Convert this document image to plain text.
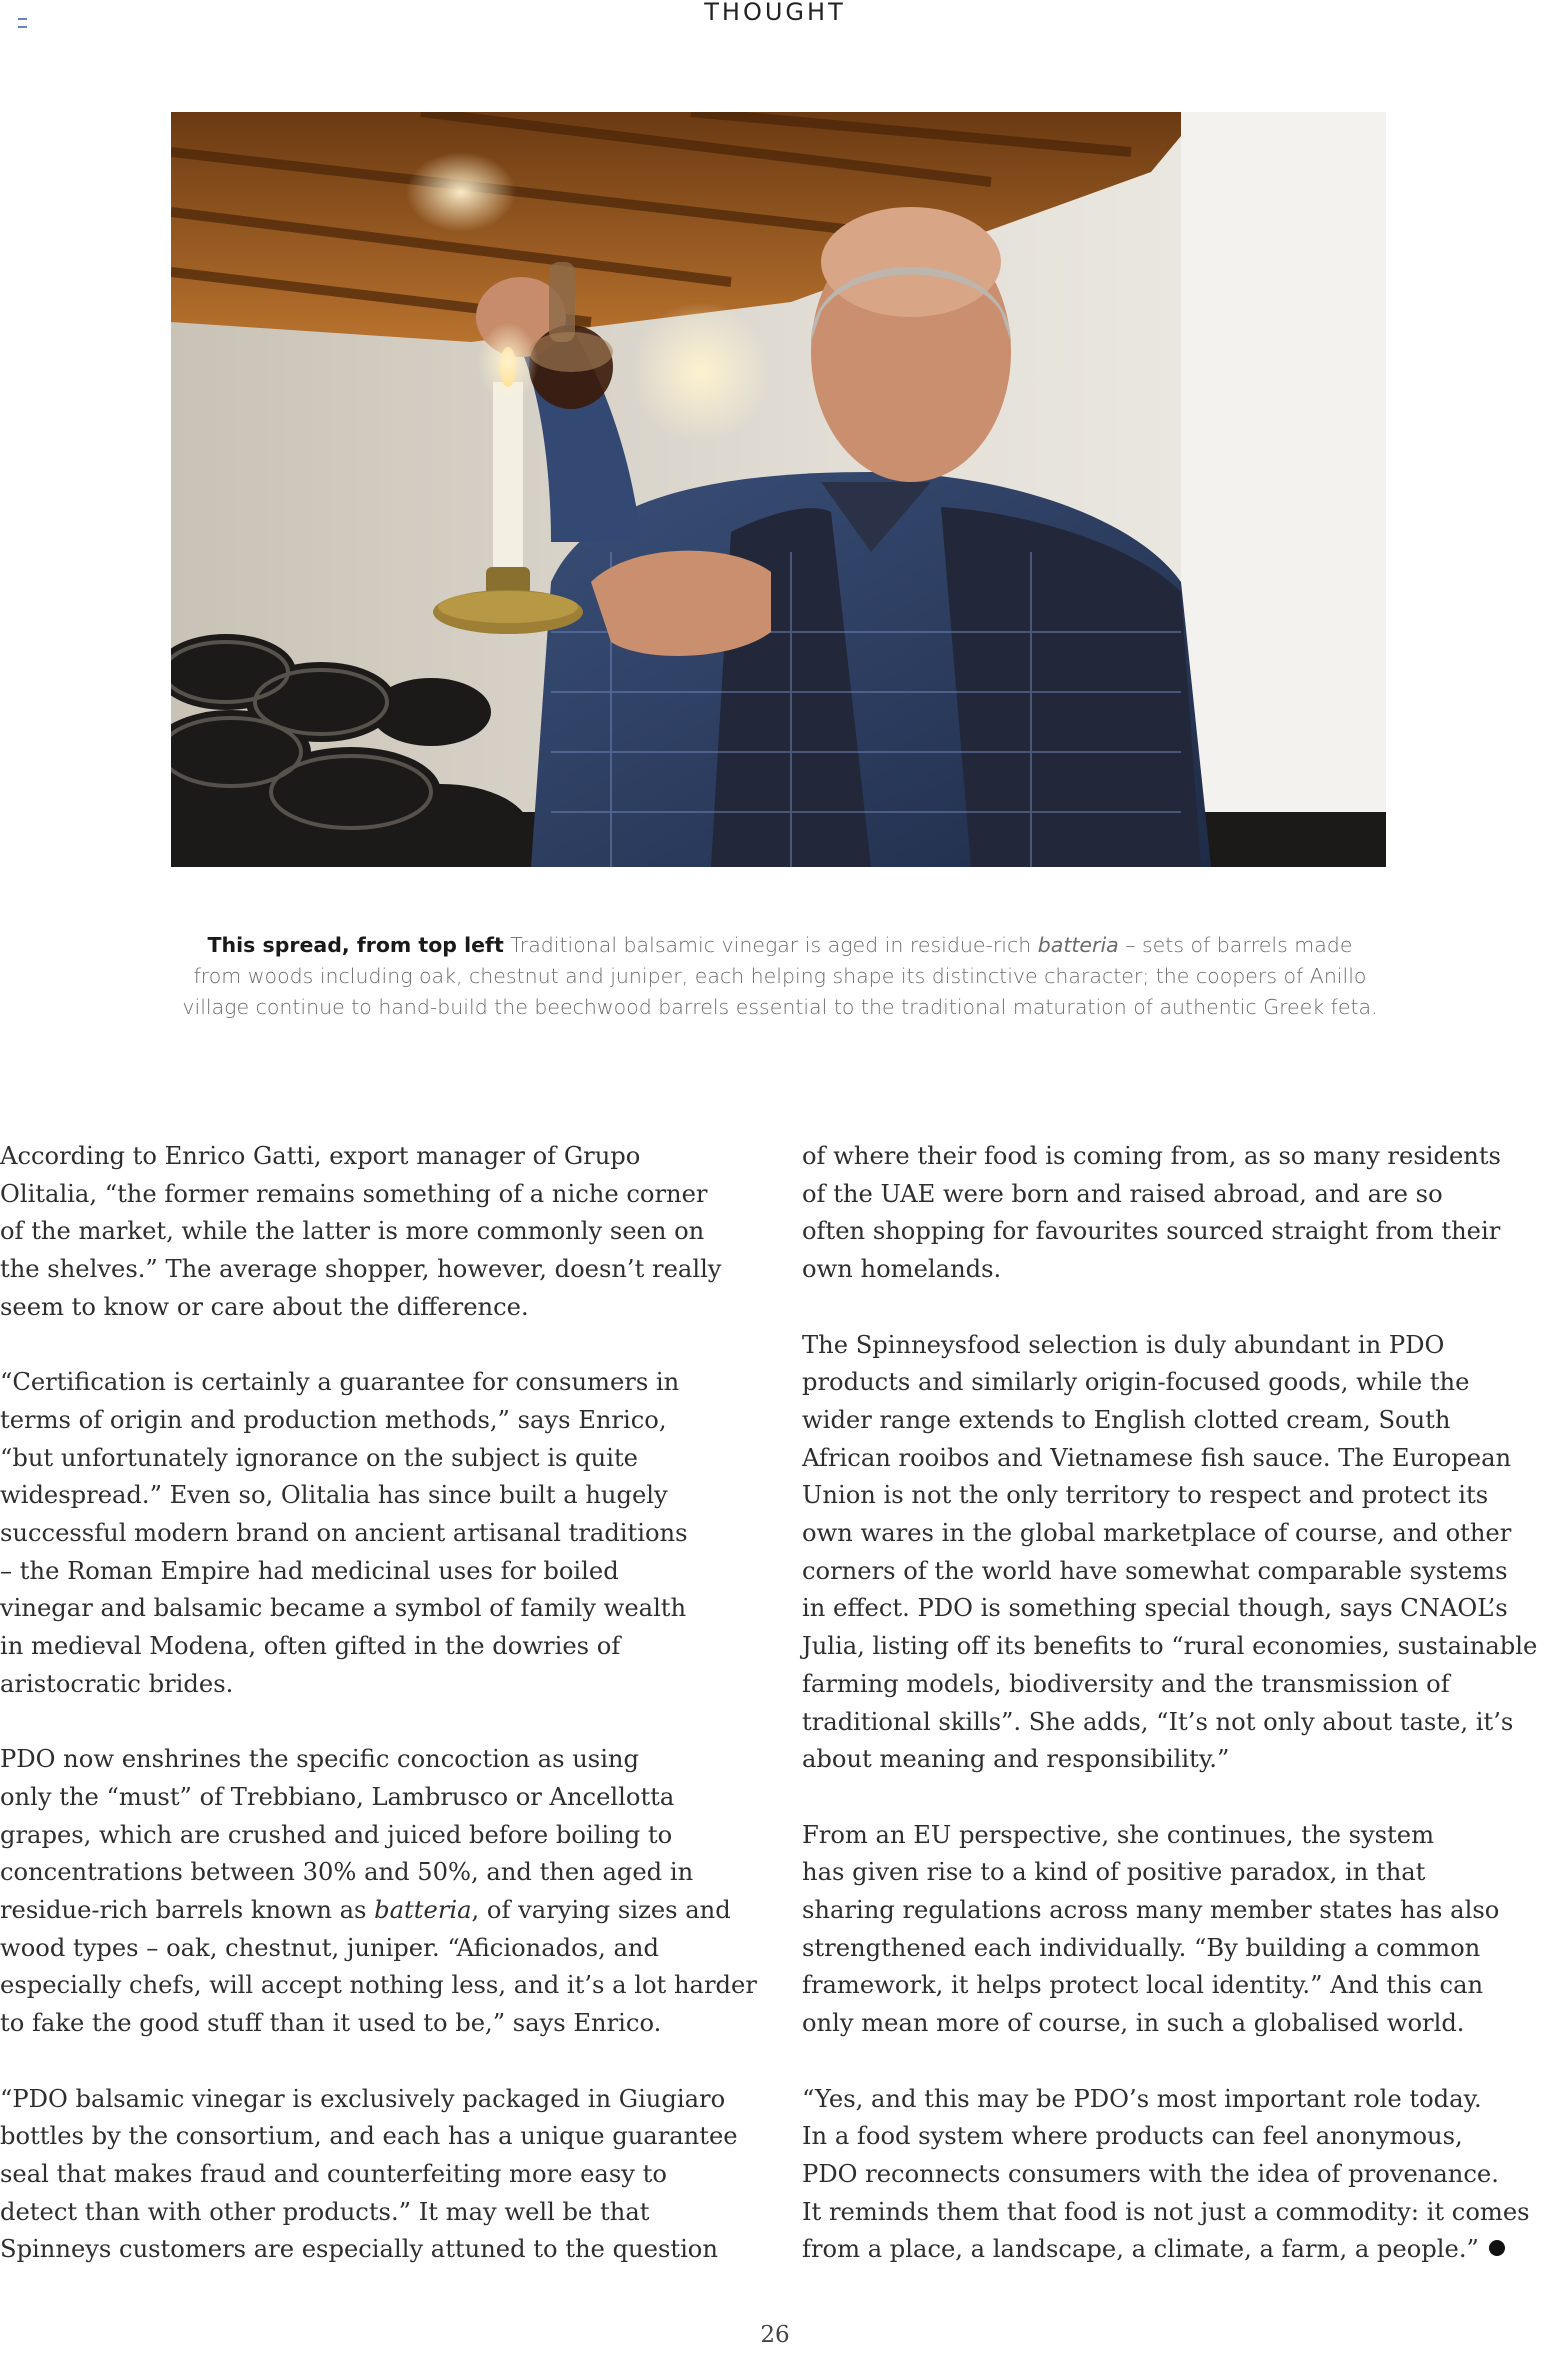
THOUGHT
This spread, from top left Traditional balsamic vinegar is aged in residue-rich batteria – sets of barrels made
from woods including oak, chestnut and juniper, each helping shape its distinctive character; the coopers of Anillo
village continue to hand-build the beechwood barrels essential to the traditional maturation of authentic Greek feta.

According to Enrico Gatti, export manager of Grupo
Olitalia, “the former remains something of a niche corner
of the market, while the latter is more commonly seen on
the shelves.” The average shopper, however, doesn’t really
seem to know or care about the difference.

“Certification is certainly a guarantee for consumers in
terms of origin and production methods,” says Enrico,
“but unfortunately ignorance on the subject is quite
widespread.” Even so, Olitalia has since built a hugely
successful modern brand on ancient artisanal traditions
– the Roman Empire had medicinal uses for boiled
vinegar and balsamic became a symbol of family wealth
in medieval Modena, often gifted in the dowries of
aristocratic brides.

PDO now enshrines the specific concoction as using
only the “must” of Trebbiano, Lambrusco or Ancellotta
grapes, which are crushed and juiced before boiling to
concentrations between 30% and 50%, and then aged in
residue-rich barrels known as batteria, of varying sizes and
wood types – oak, chestnut, juniper. “Aficionados, and
especially chefs, will accept nothing less, and it’s a lot harder
to fake the good stuff than it used to be,” says Enrico.

“PDO balsamic vinegar is exclusively packaged in Giugiaro
bottles by the consortium, and each has a unique guarantee
seal that makes fraud and counterfeiting more easy to
detect than with other products.” It may well be that
Spinneys customers are especially attuned to the question

of where their food is coming from, as so many residents
of the UAE were born and raised abroad, and are so
often shopping for favourites sourced straight from their
own homelands.

The Spinneysfood selection is duly abundant in PDO
products and similarly origin-focused goods, while the
wider range extends to English clotted cream, South
African rooibos and Vietnamese fish sauce. The European
Union is not the only territory to respect and protect its
own wares in the global marketplace of course, and other
corners of the world have somewhat comparable systems
in effect. PDO is something special though, says CNAOL’s
Julia, listing off its benefits to “rural economies, sustainable
farming models, biodiversity and the transmission of
traditional skills”. She adds, “It’s not only about taste, it’s
about meaning and responsibility.”

From an EU perspective, she continues, the system
has given rise to a kind of positive paradox, in that
sharing regulations across many member states has also
strengthened each individually. “By building a common
framework, it helps protect local identity.” And this can
only mean more of course, in such a globalised world.

“Yes, and this may be PDO’s most important role today.
In a food system where products can feel anonymous,
PDO reconnects consumers with the idea of provenance.
It reminds them that food is not just a commodity: it comes
from a place, a landscape, a climate, a farm, a people.”

26
